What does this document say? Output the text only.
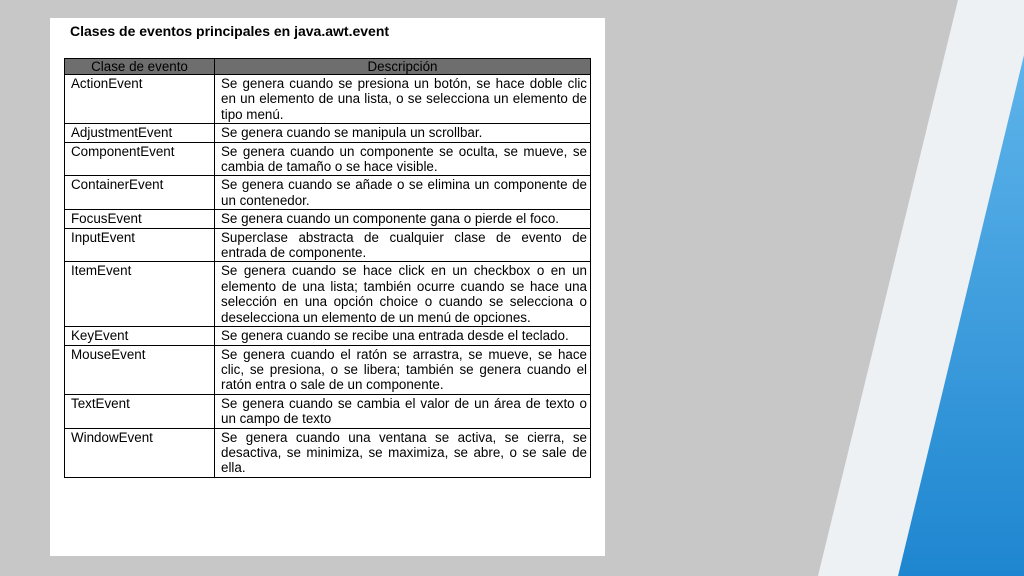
Clases de eventos principales en java.awt.event
Clase de evento	Descripción
ActionEvent	Se genera cuando se presiona un botón, se hace doble clic en un elemento de una lista, o se selecciona un elemento de tipo menú.
AdjustmentEvent	Se genera cuando se manipula un scrollbar.
ComponentEvent	Se genera cuando un componente se oculta, se mueve, se cambia de tamaño o se hace visible.
ContainerEvent	Se genera cuando se añade o se elimina un componente de un contenedor.
FocusEvent	Se genera cuando un componente gana o pierde el foco.
InputEvent	Superclase abstracta de cualquier clase de evento de entrada de componente.
ItemEvent	Se genera cuando se hace click en un checkbox o en un elemento de una lista; también ocurre cuando se hace una selección en una opción choice o cuando se selecciona o deselecciona un elemento de un menú de opciones.
KeyEvent	Se genera cuando se recibe una entrada desde el teclado.
MouseEvent	Se genera cuando el ratón se arrastra, se mueve, se hace clic, se presiona, o se libera; también se genera cuando el ratón entra o sale de un componente.
TextEvent	Se genera cuando se cambia el valor de un área de texto o un campo de texto
WindowEvent	Se genera cuando una ventana se activa, se cierra, se desactiva, se minimiza, se maximiza, se abre, o se sale de ella.
